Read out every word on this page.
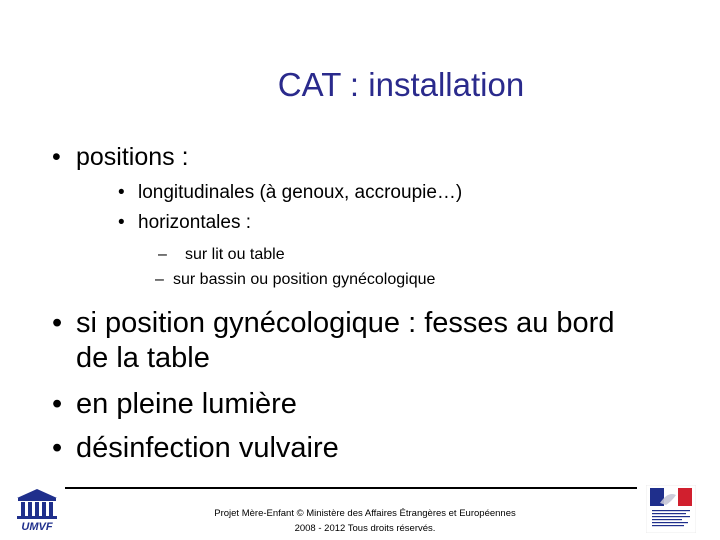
CAT : installation
• positions :
• longitudinales (à genoux, accroupie…)
• horizontales :
– sur lit ou table
– sur bassin ou position gynécologique
• si position gynécologique : fesses au bord
de la table
• en pleine lumière
• désinfection vulvaire
Projet Mère-Enfant © Ministère des Affaires Étrangères et Européennes
2008 - 2012 Tous droits réservés.
UMVF
